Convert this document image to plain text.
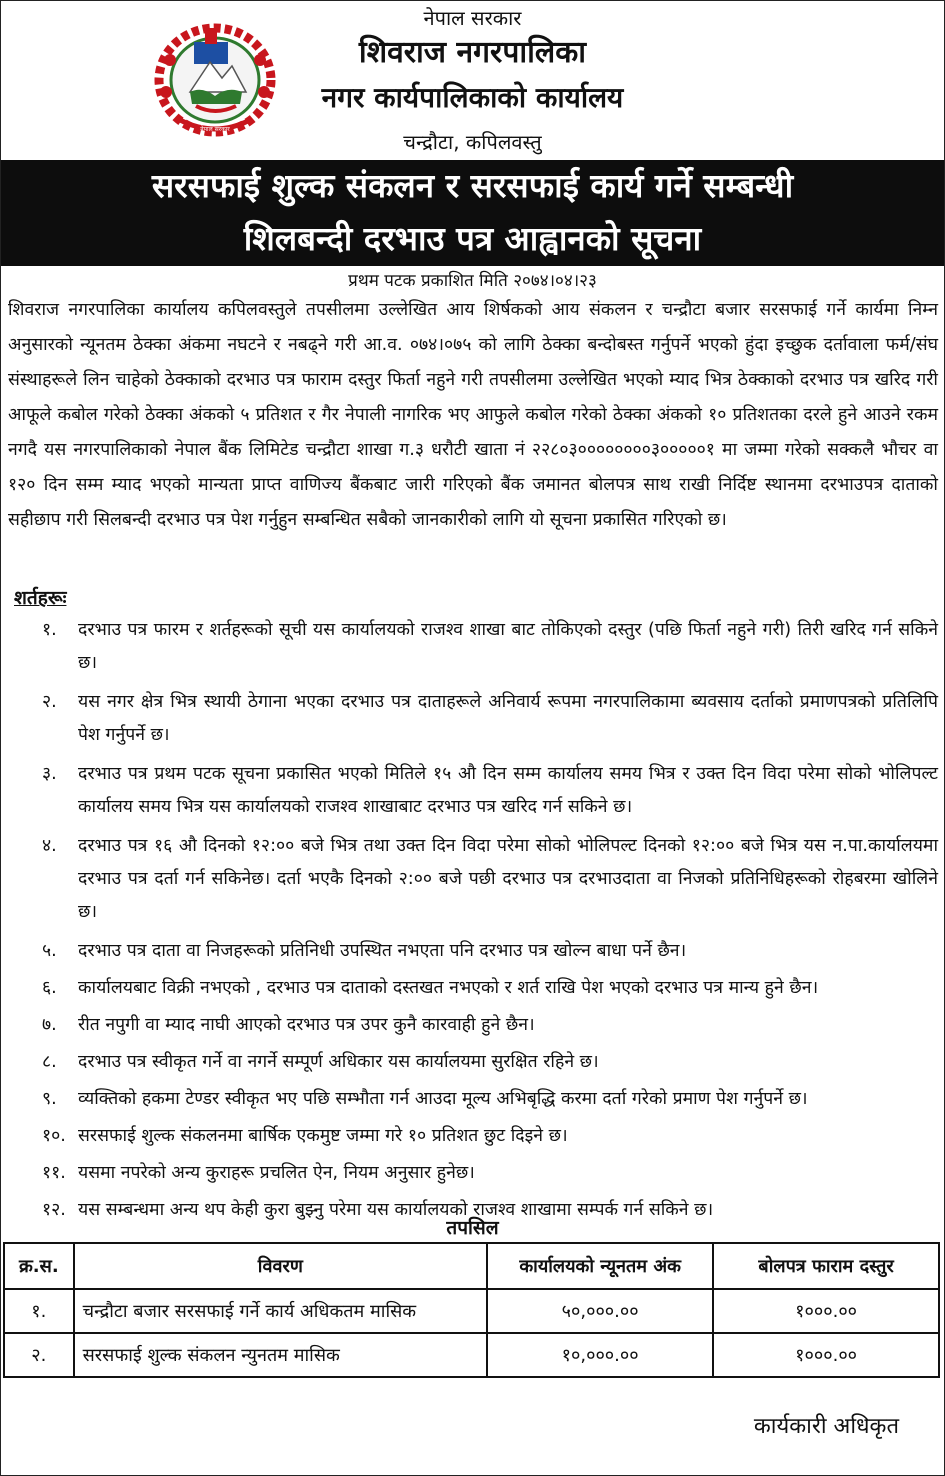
नेपाल सरकार
नेपाल सरकार
शिवराज नगरपालिका
नगर कार्यपालिकाको कार्यालय
चन्द्रौटा, कपिलवस्तु
सरसफाई शुल्क संकलन र सरसफाई कार्य गर्ने सम्बन्धी
शिलबन्दी दरभाउ पत्र आह्वानको सूचना
प्रथम पटक प्रकाशित मिति २०७४।०४।२३
शिवराज नगरपालिका कार्यालय कपिलवस्तुले तपसीलमा उल्लेखित आय शिर्षकको आय संकलन र चन्द्रौटा बजार सरसफाई गर्ने कार्यमा निम्न अनुसारको न्यूनतम ठेक्का अंकमा नघटने र नबढ्ने गरी आ.व. ०७४।०७५ को लागि ठेक्का बन्दोबस्त गर्नुपर्ने भएको हुंदा इच्छुक दर्तावाला फर्म/संघ संस्थाहरूले लिन चाहेको ठेक्काको दरभाउ पत्र फाराम दस्तुर फिर्ता नहुने गरी तपसीलमा उल्लेखित भएको म्याद भित्र ठेक्काको दरभाउ पत्र खरिद गरी आफूले कबोल गरेको ठेक्का अंकको ५ प्रतिशत र गैर नेपाली नागरिक भए आफुले कबोल गरेको ठेक्का अंकको १० प्रतिशतका दरले हुने आउने रकम नगदै यस नगरपालिकाको नेपाल बैंक लिमिटेड चन्द्रौटा शाखा ग.३ धरौटी खाता नं २२८०३००००००००३०००००१ मा जम्मा गरेको सक्कलै भौचर वा १२० दिन सम्म म्याद भएको मान्यता प्राप्त वाणिज्य बैंकबाट जारी गरिएको बैंक जमानत बोलपत्र साथ राखी निर्दिष्ट स्थानमा दरभाउपत्र दाताको सहीछाप गरी सिलबन्दी दरभाउ पत्र पेश गर्नुहुन सम्बन्धित सबैको जानकारीको लागि यो सूचना प्रकासित गरिएको छ।
शर्तहरूः
१.	दरभाउ पत्र फारम र शर्तहरूको सूची यस कार्यालयको राजश्व शाखा बाट तोकिएको दस्तुर (पछि फिर्ता नहुने गरी) तिरी खरिद गर्न सकिने छ।
२.	यस नगर क्षेत्र भित्र स्थायी ठेगाना भएका दरभाउ पत्र दाताहरूले अनिवार्य रूपमा नगरपालिकामा ब्यवसाय दर्ताको प्रमाणपत्रको प्रतिलिपि पेश गर्नुपर्ने छ।
३.	दरभाउ पत्र प्रथम पटक सूचना प्रकासित भएको मितिले १५ औ दिन सम्म कार्यालय समय भित्र र उक्त दिन विदा परेमा सोको भोलिपल्ट कार्यालय समय भित्र यस कार्यालयको राजश्व शाखाबाट दरभाउ पत्र खरिद गर्न सकिने छ।
४.	दरभाउ पत्र १६ औ दिनको १२:०० बजे भित्र तथा उक्त दिन विदा परेमा सोको भोलिपल्ट दिनको १२:०० बजे भित्र यस न.पा.कार्यालयमा दरभाउ पत्र दर्ता गर्न सकिनेछ। दर्ता भएकै दिनको २:०० बजे पछी दरभाउ पत्र दरभाउदाता वा निजको प्रतिनिधिहरूको रोहबरमा खोलिने छ।
५.	दरभाउ पत्र दाता वा निजहरूको प्रतिनिधी उपस्थित नभएता पनि दरभाउ पत्र खोल्न बाधा पर्ने छैन।
६.	कार्यालयबाट विक्री नभएको , दरभाउ पत्र दाताको दस्तखत नभएको र शर्त राखि पेश भएको दरभाउ पत्र मान्य हुने छैन।
७.	रीत नपुगी वा म्याद नाघी आएको दरभाउ पत्र उपर कुनै कारवाही हुने छैन।
८.	दरभाउ पत्र स्वीकृत गर्ने वा नगर्ने सम्पूर्ण अधिकार यस कार्यालयमा सुरक्षित रहिने छ।
९.	व्यक्तिको हकमा टेण्डर स्वीकृत भए पछि सम्भौता गर्न आउदा मूल्य अभिबृद्धि करमा दर्ता गरेको प्रमाण पेश गर्नुपर्ने छ।
१०. सरसफाई शुल्क संकलनमा बार्षिक एकमुष्ट जम्मा गरे १० प्रतिशत छुट दिइने छ।
११. यसमा नपरेको अन्य कुराहरू प्रचलित ऐन, नियम अनुसार हुनेछ।
१२. यस सम्बन्धमा अन्य थप केही कुरा बुझ्नु परेमा यस कार्यालयको राजश्व शाखामा सम्पर्क गर्न सकिने छ।
तपसिल
क्र.स.	विवरण	कार्यालयको न्यूनतम अंक	बोलपत्र फाराम दस्तुर
१.	चन्द्रौटा बजार सरसफाई गर्ने कार्य अधिकतम मासिक	५०,०००.००	१०००.००
२.	सरसफाई शुल्क संकलन न्युनतम मासिक	१०,०००.००	१०००.००
कार्यकारी अधिकृत
